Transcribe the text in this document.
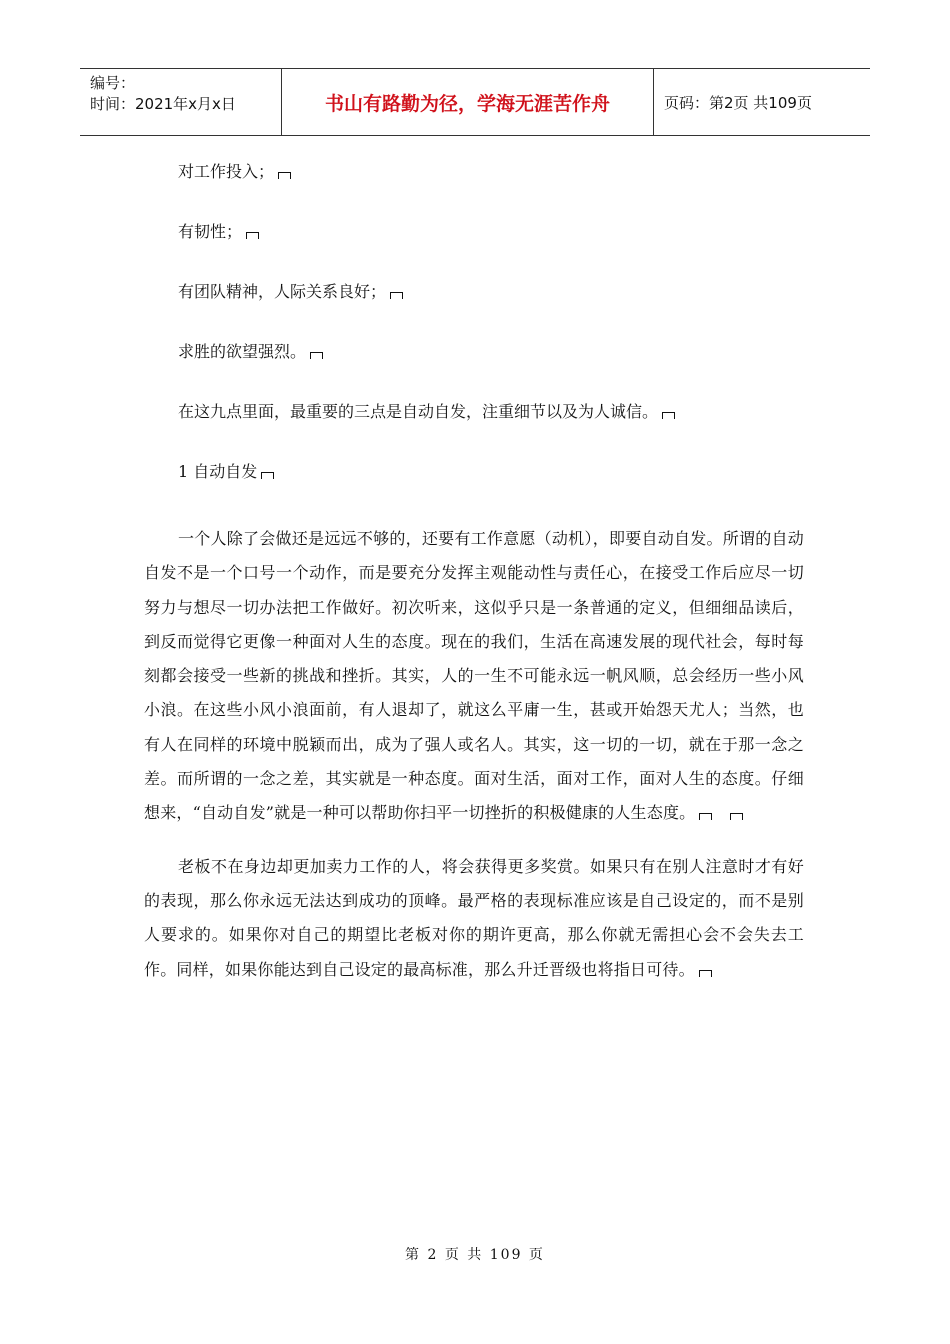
编号：
时间：2021年x月x日	书山有路勤为径，学海无涯苦作舟	页码：第2页 共109页
对工作投入；
有韧性；
有团队精神，人际关系良好；
求胜的欲望强烈。
在这九点里面，最重要的三点是自动自发，注重细节以及为人诚信。
1 自动自发

一个人除了会做还是远远不够的，还要有工作意愿（动机），即要自动自发。所谓的自动自发不是一个口号一个动作，而是要充分发挥主观能动性与责任心，在接受工作后应尽一切努力与想尽一切办法把工作做好。初次听来，这似乎只是一条普通的定义，但细细品读后，到反而觉得它更像一种面对人生的态度。现在的我们，生活在高速发展的现代社会，每时每刻都会接受一些新的挑战和挫折。其实，人的一生不可能永远一帆风顺，总会经历一些小风小浪。在这些小风小浪面前，有人退却了，就这么平庸一生，甚或开始怨天尤人；当然，也有人在同样的环境中脱颖而出，成为了强人或名人。其实，这一切的一切，就在于那一念之差。而所谓的一念之差，其实就是一种态度。面对生活，面对工作，面对人生的态度。仔细想来，“自动自发”就是一种可以帮助你扫平一切挫折的积极健康的人生态度。

老板不在身边却更加卖力工作的人，将会获得更多奖赏。如果只有在别人注意时才有好的表现，那么你永远无法达到成功的顶峰。最严格的表现标准应该是自己设定的，而不是别人要求的。如果你对自己的期望比老板对你的期许更高，那么你就无需担心会不会失去工作。同样，如果你能达到自己设定的最高标准，那么升迁晋级也将指日可待。

第 2 页 共 109 页
